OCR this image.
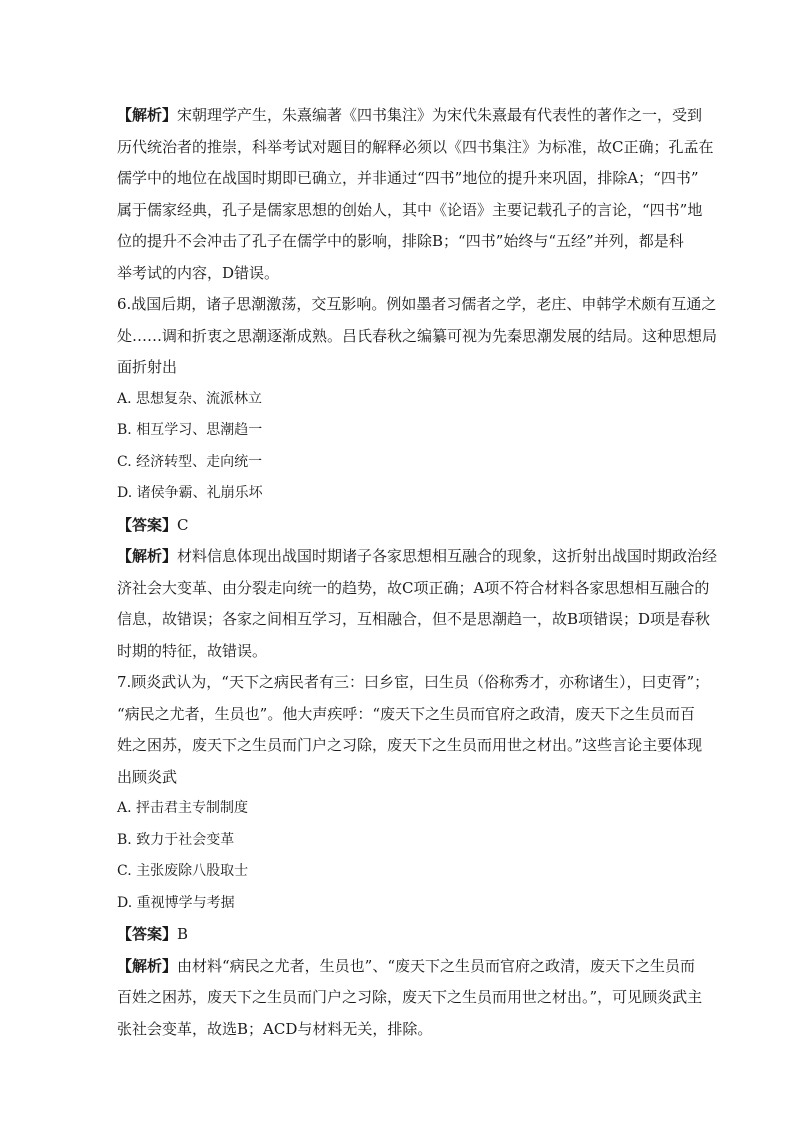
【解析】宋朝理学产生，朱熹编著《四书集注》为宋代朱熹最有代表性的著作之一，受到
历代统治者的推崇，科举考试对题目的解释必须以《四书集注》为标准，故C正确；孔孟在
儒学中的地位在战国时期即已确立，并非通过“四书”地位的提升来巩固，排除A；“四书”
属于儒家经典，孔子是儒家思想的创始人，其中《论语》主要记载孔子的言论，“四书”地
位的提升不会冲击了孔子在儒学中的影响，排除B；“四书”始终与“五经”并列，都是科
举考试的内容，D错误。
6.战国后期，诸子思潮激荡，交互影响。例如墨者习儒者之学，老庄、申韩学术颇有互通之
处……调和折衷之思潮逐渐成熟。吕氏春秋之编纂可视为先秦思潮发展的结局。这种思想局
面折射出
A. 思想复杂、流派林立
B. 相互学习、思潮趋一
C. 经济转型、走向统一
D. 诸侯争霸、礼崩乐坏
【答案】C
【解析】材料信息体现出战国时期诸子各家思想相互融合的现象，这折射出战国时期政治经
济社会大变革、由分裂走向统一的趋势，故C项正确；A项不符合材料各家思想相互融合的
信息，故错误；各家之间相互学习，互相融合，但不是思潮趋一，故B项错误；D项是春秋
时期的特征，故错误。
7.顾炎武认为，“天下之病民者有三：曰乡宦，曰生员（俗称秀才，亦称诸生），曰吏胥”；
“病民之尤者，生员也”。他大声疾呼：“废天下之生员而官府之政清，废天下之生员而百
姓之困苏，废天下之生员而门户之习除，废天下之生员而用世之材出。”这些言论主要体现
出顾炎武
A. 抨击君主专制制度
B. 致力于社会变革
C. 主张废除八股取士
D. 重视博学与考据
【答案】B
【解析】由材料“病民之尤者，生员也”、“废天下之生员而官府之政清，废天下之生员而
百姓之困苏，废天下之生员而门户之习除，废天下之生员而用世之材出。”，可见顾炎武主
张社会变革，故选B；ACD与材料无关，排除。
